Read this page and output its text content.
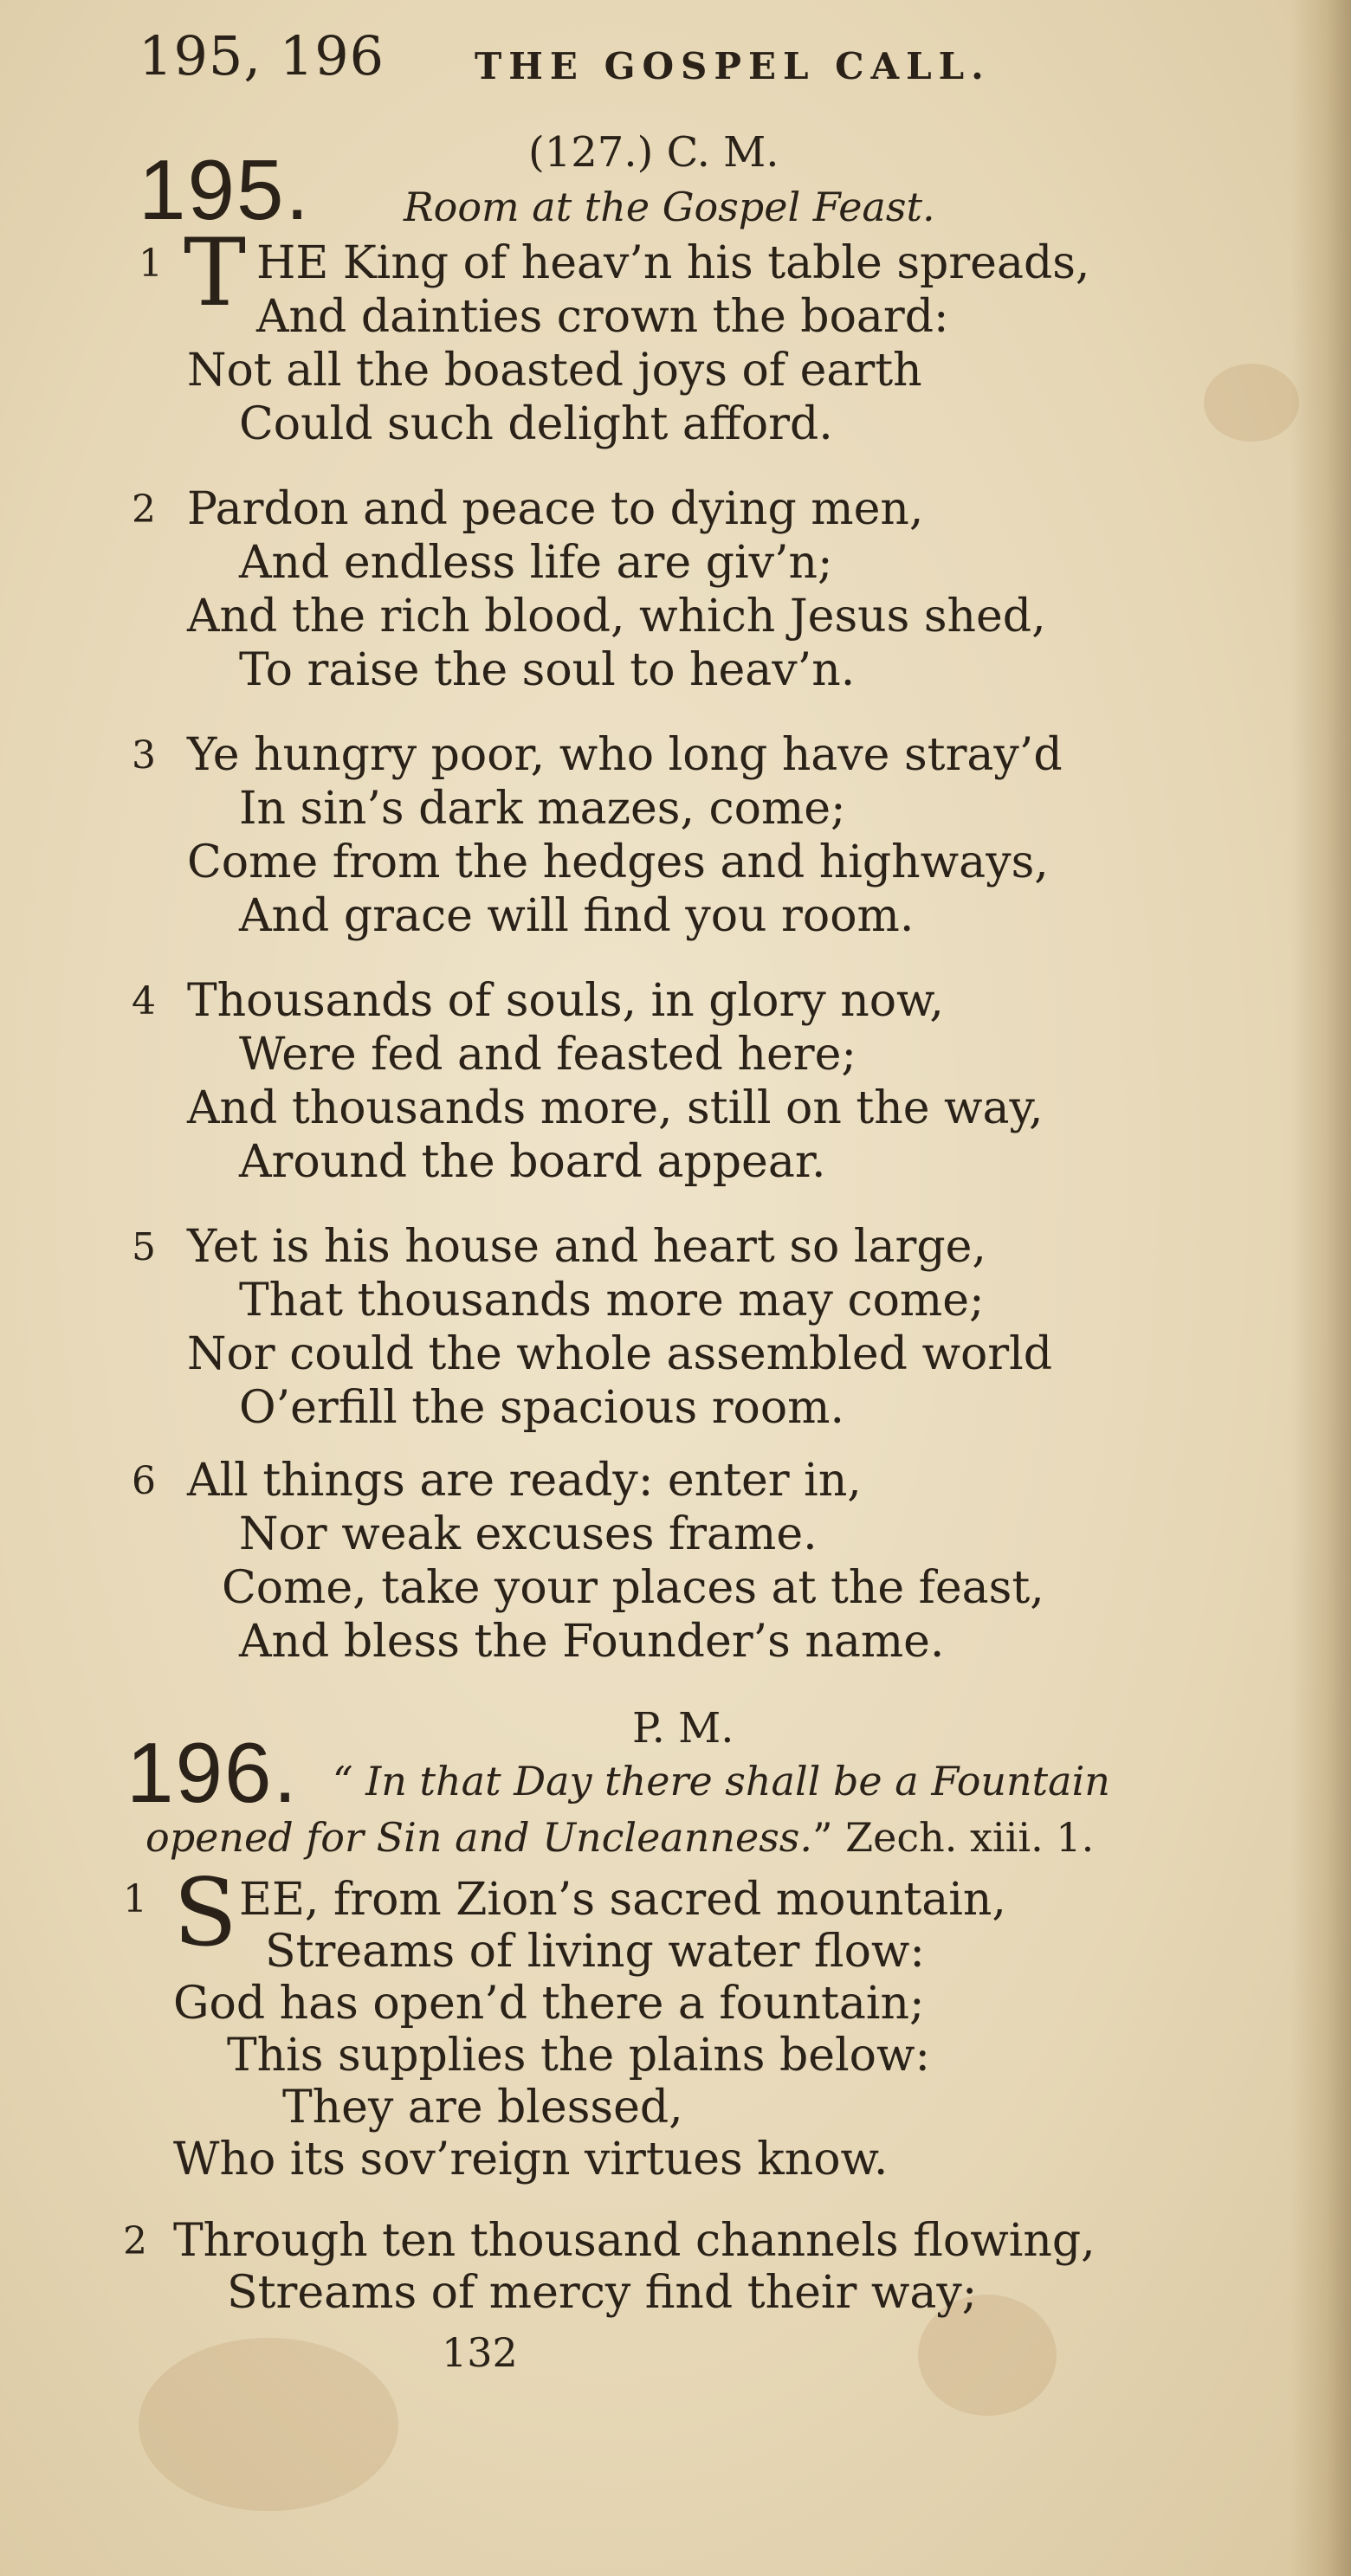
195, 196 THE GOSPEL CALL.
195.	(127.) C. M.
Room at the Gospel Feast.
1 T HE King of heav’n his table spreads,
And dainties crown the board:
Not all the boasted joys of earth
Could such delight afford.
2 Pardon and peace to dying men,
And endless life are giv’n;
And the rich blood, which Jesus shed,
To raise the soul to heav’n.
3 Ye hungry poor, who long have stray’d
In sin’s dark mazes, come;
Come from the hedges and highways,
And grace will find you room.
4 Thousands of souls, in glory now,
Were fed and feasted here;
And thousands more, still on the way,
Around the board appear.
5 Yet is his house and heart so large,
That thousands more may come;
Nor could the whole assembled world
O’erfill the spacious room.
6 All things are ready: enter in,
Nor weak excuses frame.
Come, take your places at the feast,
And bless the Founder’s name.
196.	P. M.
“ In that Day there shall be a Fountain
opened for Sin and Uncleanness.” Zech. xiii. 1.
1 S EE, from Zion’s sacred mountain,
Streams of living water flow:
God has open’d there a fountain;
This supplies the plains below:
They are blessed,
Who its sov’reign virtues know.
2 Through ten thousand channels flowing,
Streams of mercy find their way;
132
